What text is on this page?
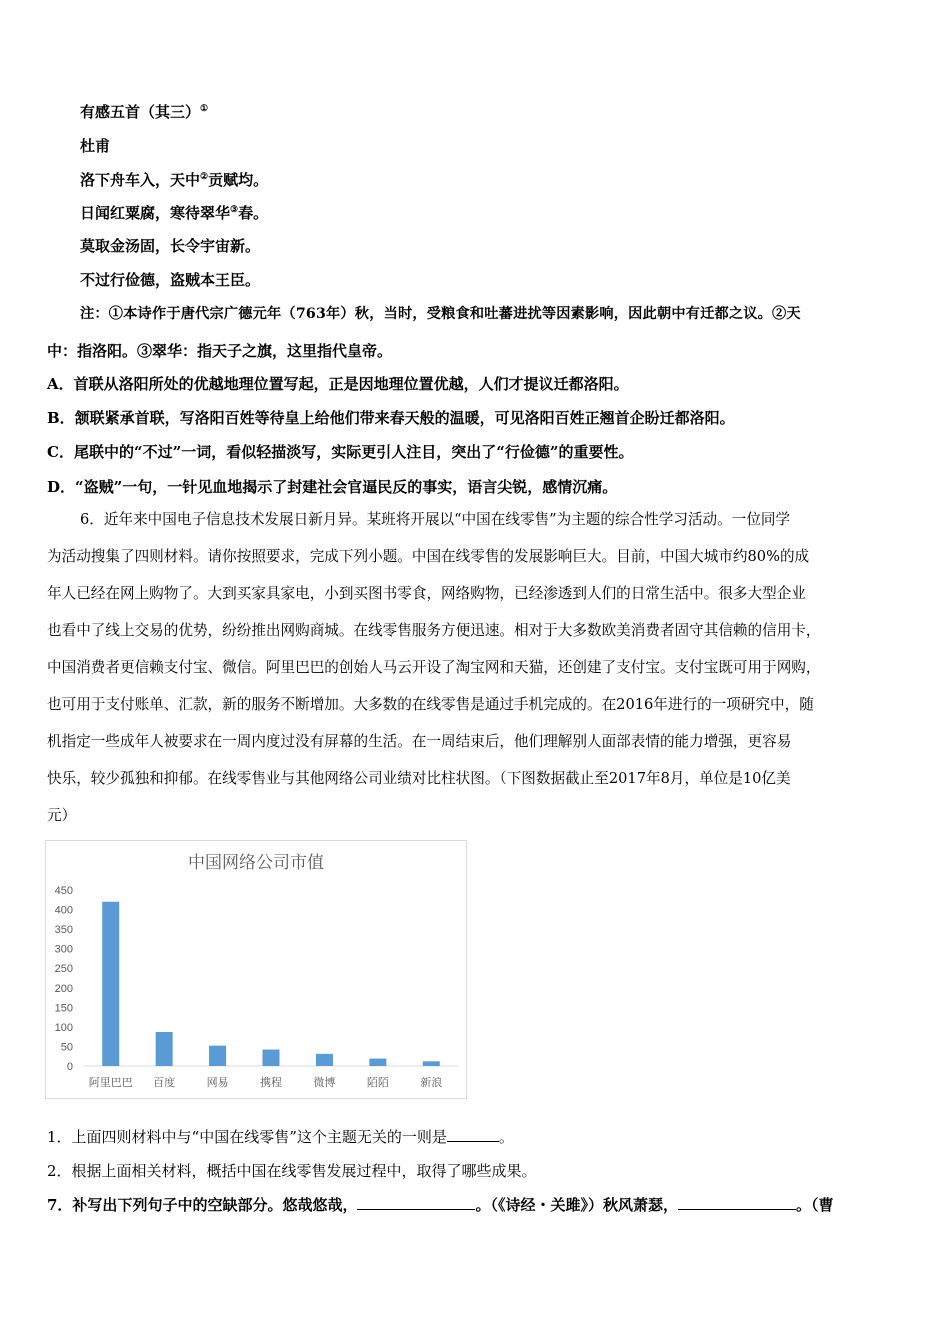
有感五首（其三）①
杜甫
洛下舟车入，天中②贡赋均。
日闻红粟腐，寒待翠华③春。
莫取金汤固，长令宇宙新。
不过行俭德，盗贼本王臣。
注：①本诗作于唐代宗广德元年（763年）秋，当时，受粮食和吐蕃进扰等因素影响，因此朝中有迁都之议。②天
中：指洛阳。③翠华：指天子之旗，这里指代皇帝。
A．首联从洛阳所处的优越地理位置写起，正是因地理位置优越，人们才提议迁都洛阳。
B．颔联紧承首联，写洛阳百姓等待皇上给他们带来春天般的温暖，可见洛阳百姓正翘首企盼迁都洛阳。
C．尾联中的“不过”一词，看似轻描淡写，实际更引人注目，突出了“行俭德”的重要性。
D．“盗贼”一句，一针见血地揭示了封建社会官逼民反的事实，语言尖锐，感情沉痛。
6．近年来中国电子信息技术发展日新月异。某班将开展以“中国在线零售”为主题的综合性学习活动。一位同学
为活动搜集了四则材料。请你按照要求，完成下列小题。中国在线零售的发展影响巨大。目前，中国大城市约80%的成
年人已经在网上购物了。大到买家具家电，小到买图书零食，网络购物，已经渗透到人们的日常生活中。很多大型企业
也看中了线上交易的优势，纷纷推出网购商城。在线零售服务方便迅速。相对于大多数欧美消费者固守其信赖的信用卡，
中国消费者更信赖支付宝、微信。阿里巴巴的创始人马云开设了淘宝网和天猫，还创建了支付宝。支付宝既可用于网购，
也可用于支付账单、汇款，新的服务不断增加。大多数的在线零售是通过手机完成的。在2016年进行的一项研究中，随
机指定一些成年人被要求在一周内度过没有屏幕的生活。在一周结束后，他们理解别人面部表情的能力增强，更容易
快乐，较少孤独和抑郁。在线零售业与其他网络公司业绩对比柱状图。（下图数据截止至2017年8月，单位是10亿美
元）
中国网络公司市值
0
50
100
150
200
250
300
350
400
450
阿里巴巴 百度	网易	携程	微博	陌陌	新浪
1．上面四则材料中与“中国在线零售”这个主题无关的一则是	。
2．根据上面相关材料，概括中国在线零售发展过程中，取得了哪些成果。
7．补写出下列句子中的空缺部分。悠哉悠哉，	。（《诗经・关雎》）秋风萧瑟，	。（曹
